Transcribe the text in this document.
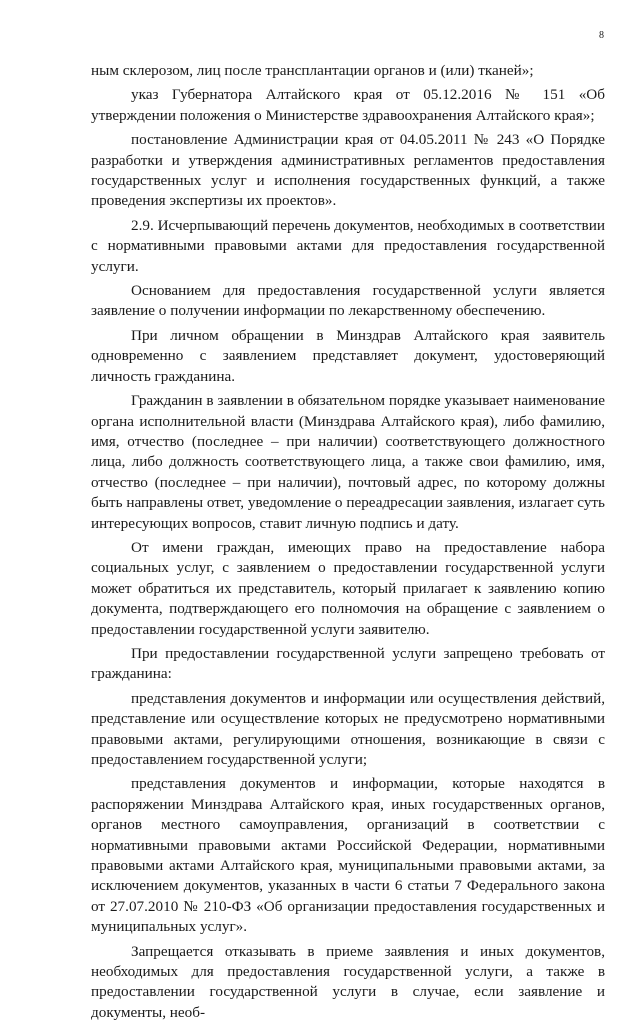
8

ным склерозом, лиц после трансплантации органов и (или) тканей»;

указ Губернатора Алтайского края от 05.12.2016 № 151 «Об утверждении положения о Министерстве здравоохранения Алтайского края»;

постановление Администрации края от 04.05.2011 № 243 «О Порядке разработки и утверждения административных регламентов предоставления государственных услуг и исполнения государственных функций, а также проведения экспертизы их проектов».

2.9. Исчерпывающий перечень документов, необходимых в соответствии с нормативными правовыми актами для предоставления государственной услуги.

Основанием для предоставления государственной услуги является заявление о получении информации по лекарственному обеспечению.

При личном обращении в Минздрав Алтайского края заявитель одновременно с заявлением представляет документ, удостоверяющий личность гражданина.

Гражданин в заявлении в обязательном порядке указывает наименование органа исполнительной власти (Минздрава Алтайского края), либо фамилию, имя, отчество (последнее – при наличии) соответствующего должностного лица, либо должность соответствующего лица, а также свои фамилию, имя, отчество (последнее – при наличии), почтовый адрес, по которому должны быть направлены ответ, уведомление о переадресации заявления, излагает суть интересующих вопросов, ставит личную подпись и дату.

От имени граждан, имеющих право на предоставление набора социальных услуг, с заявлением о предоставлении государственной услуги может обратиться их представитель, который прилагает к заявлению копию документа, подтверждающего его полномочия на обращение с заявлением о предоставлении государственной услуги заявителю.

При предоставлении государственной услуги запрещено требовать от гражданина:

представления документов и информации или осуществления действий, представление или осуществление которых не предусмотрено нормативными правовыми актами, регулирующими отношения, возникающие в связи с предоставлением государственной услуги;

представления документов и информации, которые находятся в распоряжении Минздрава Алтайского края, иных государственных органов, органов местного самоуправления, организаций в соответствии с нормативными правовыми актами Российской Федерации, нормативными правовыми актами Алтайского края, муниципальными правовыми актами, за исключением документов, указанных в части 6 статьи 7 Федерального закона от 27.07.2010 № 210-ФЗ «Об организации предоставления государственных и муниципальных услуг».

Запрещается отказывать в приеме заявления и иных документов, необходимых для предоставления государственной услуги, а также в предоставлении государственной услуги в случае, если заявление и документы, необ-
